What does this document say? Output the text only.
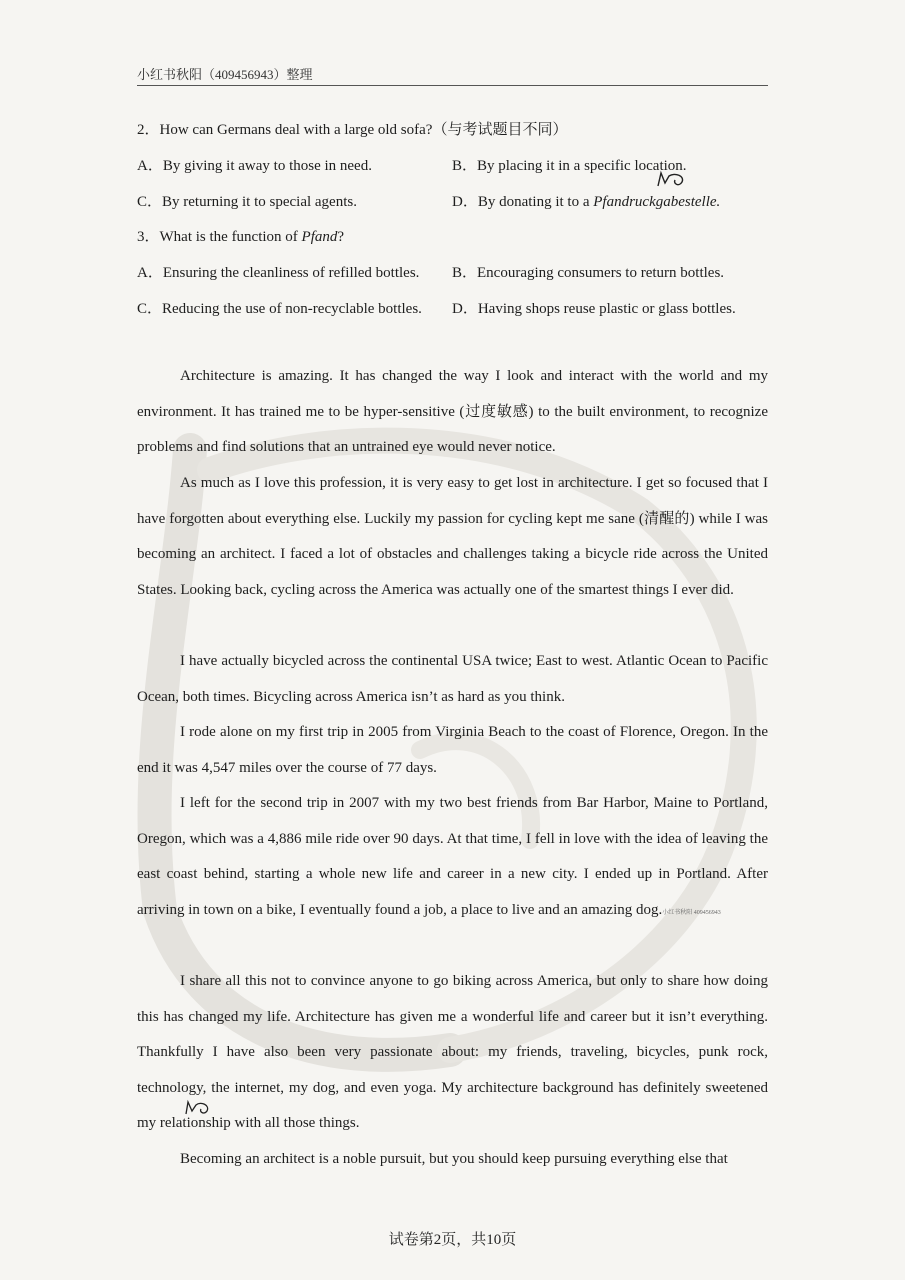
小红书秋阳（409456943）整理
2．How can Germans deal with a large old sofa?（与考试题目不同）
A．By giving it away to those in need.	B．By placing it in a specific location.
C．By returning it to special agents.	D．By donating it to a Pfandruckgabestelle.
3．What is the function of Pfand?
A．Ensuring the cleanliness of refilled bottles. B．Encouraging consumers to return bottles.
C．Reducing the use of non-recyclable bottles. D．Having shops reuse plastic or glass bottles.
Architecture is amazing. It has changed the way I look and interact with the world and my environment. It has trained me to be hyper-sensitive (过度敏感) to the built environment, to recognize problems and find solutions that an untrained eye would never notice.
As much as I love this profession, it is very easy to get lost in architecture. I get so focused that I have forgotten about everything else. Luckily my passion for cycling kept me sane (清醒的) while I was becoming an architect. I faced a lot of obstacles and challenges taking a bicycle ride across the United States. Looking back, cycling across the America was actually one of the smartest things I ever did.
I have actually bicycled across the continental USA twice; East to west. Atlantic Ocean to Pacific Ocean, both times. Bicycling across America isn’t as hard as you think.
I rode alone on my first trip in 2005 from Virginia Beach to the coast of Florence, Oregon. In the end it was 4,547 miles over the course of 77 days.
I left for the second trip in 2007 with my two best friends from Bar Harbor, Maine to Portland, Oregon, which was a 4,886 mile ride over 90 days. At that time, I fell in love with the idea of leaving the east coast behind, starting a whole new life and career in a new city. I ended up in Portland. After arriving in town on a bike, I eventually found a job, a place to live and an amazing dog.小红书秋阳 409456943
I share all this not to convince anyone to go biking across America, but only to share how doing this has changed my life. Architecture has given me a wonderful life and career but it isn’t everything. Thankfully I have also been very passionate about: my friends, traveling, bicycles, punk rock, technology, the internet, my dog, and even yoga. My architecture background has definitely sweetened my relationship with all those things.
Becoming an architect is a noble pursuit, but you should keep pursuing everything else that
试卷第2页，共10页
